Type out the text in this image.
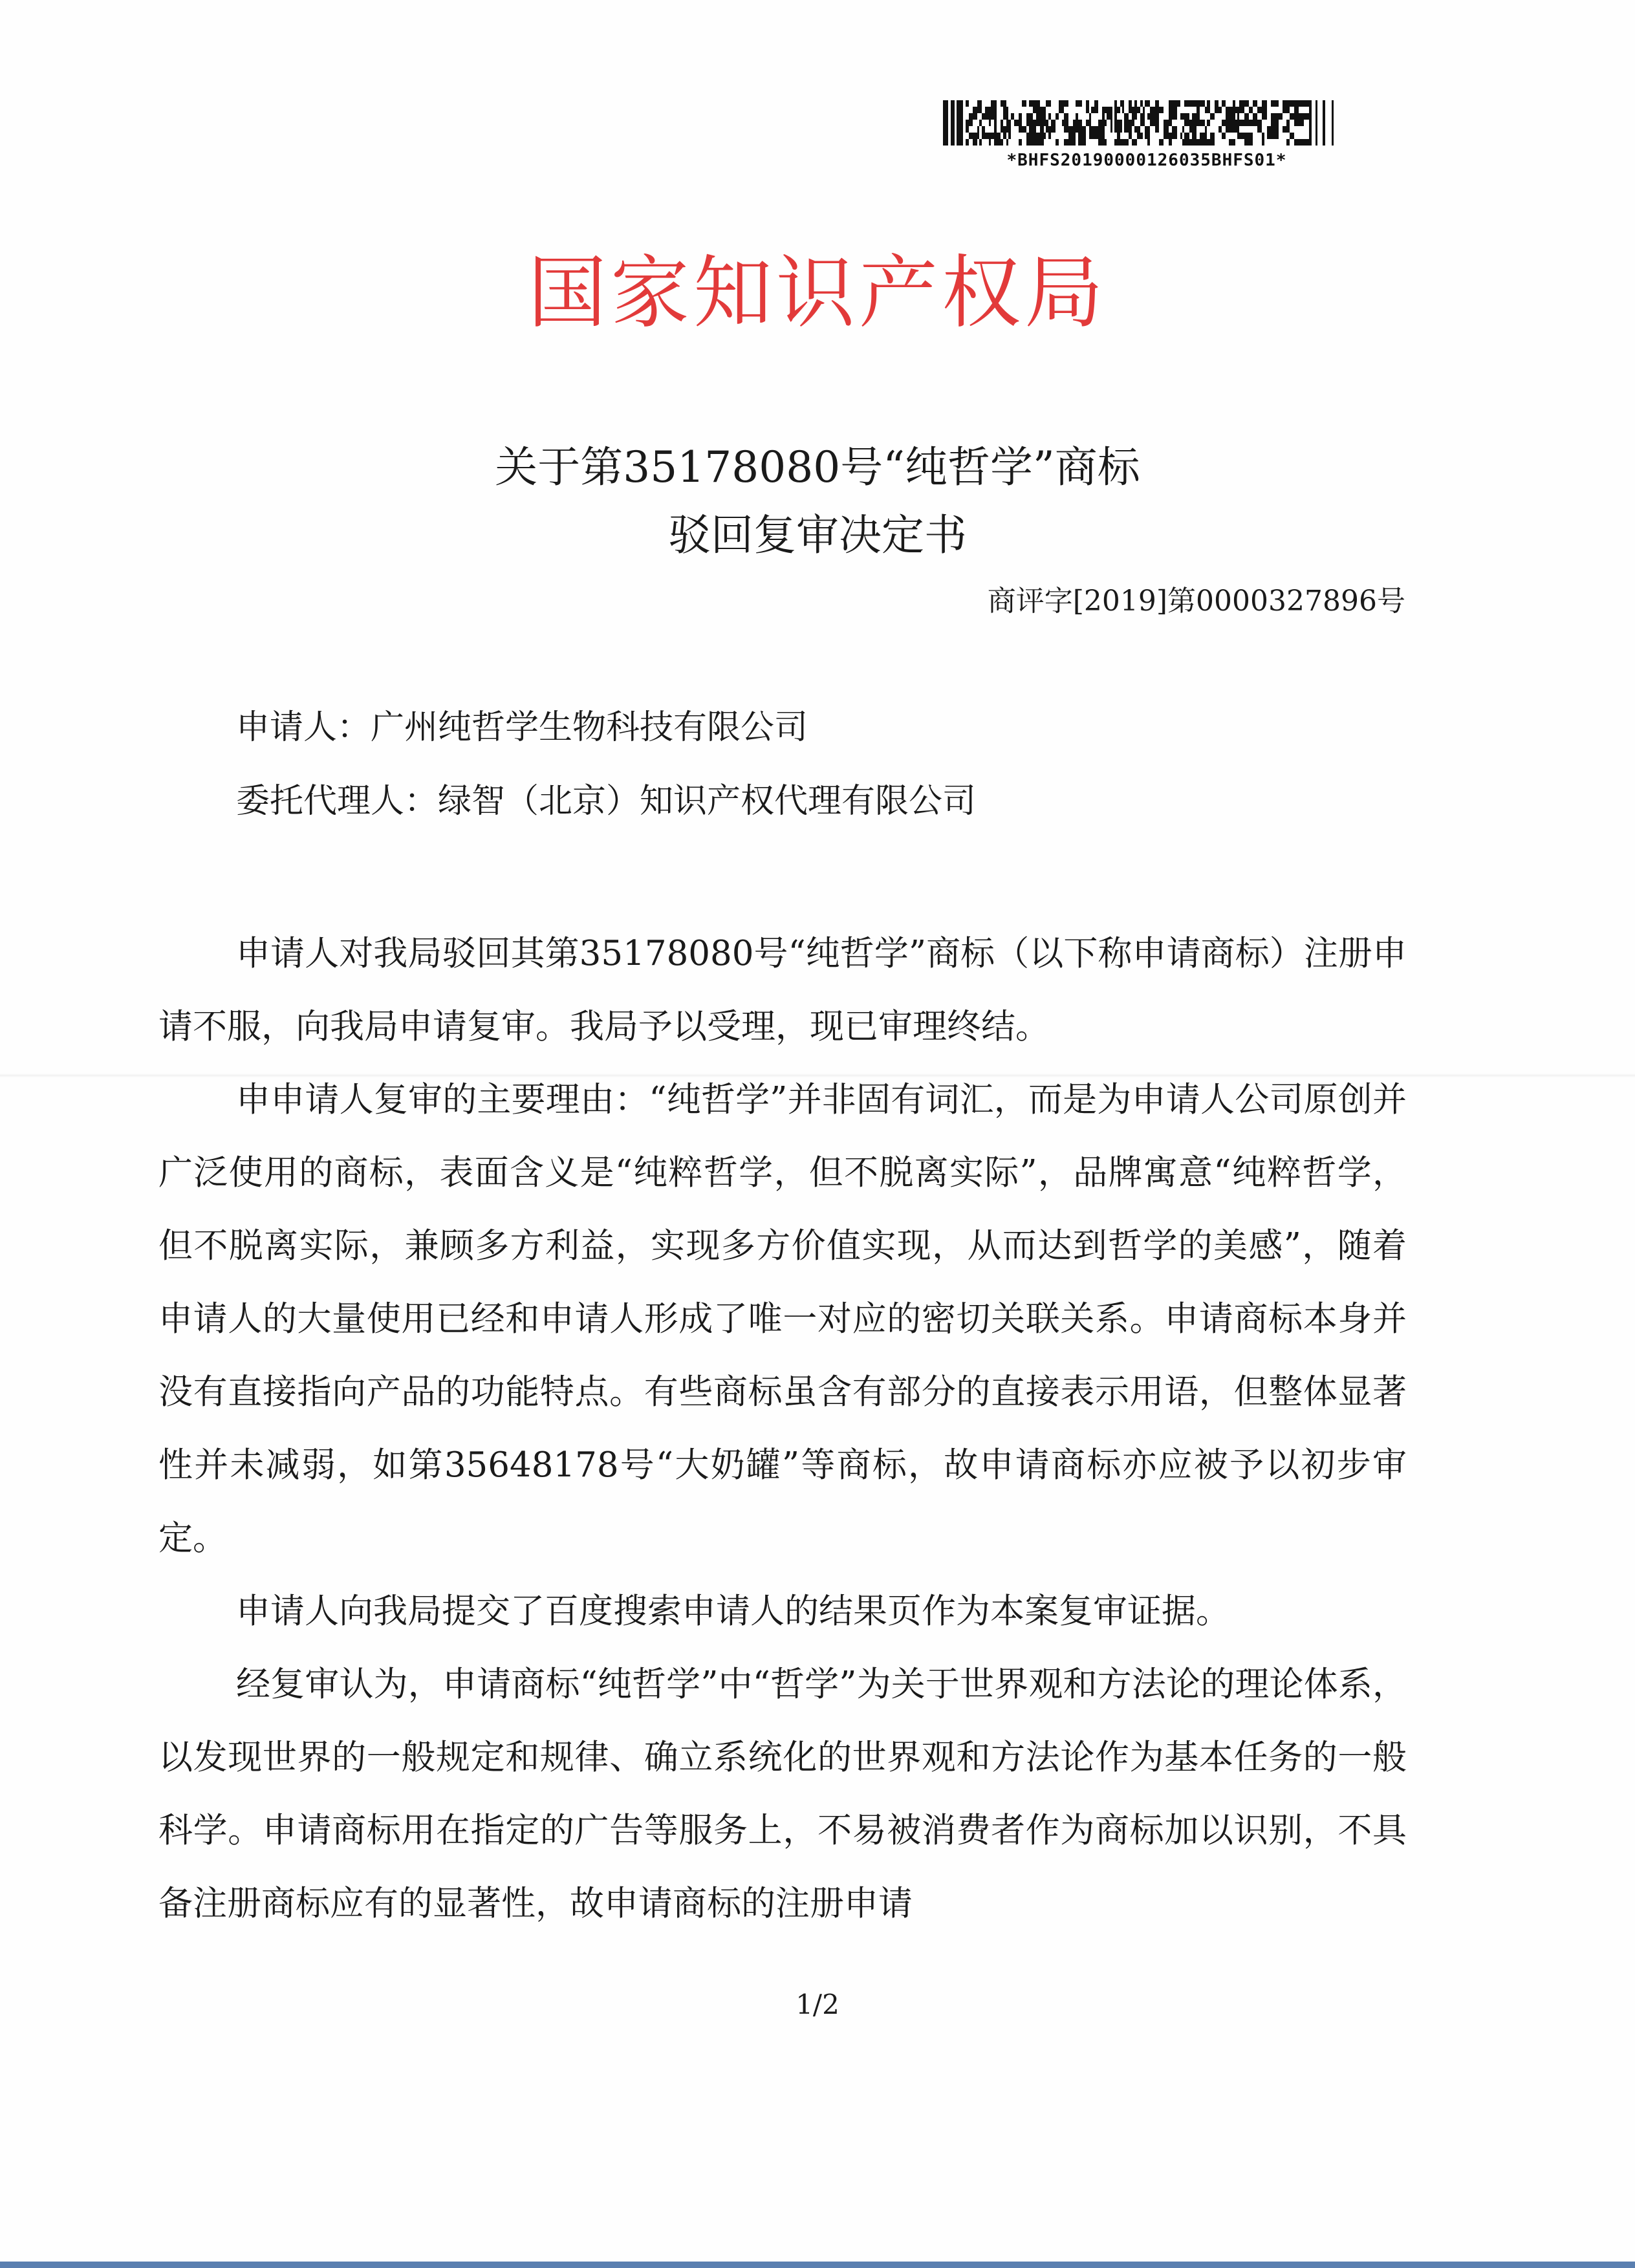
*BHFS20190000126035BHFS01*
国家知识产权局
关于第35178080号“纯哲学”商标
驳回复审决定书
商评字[2019]第0000327896号
申请人：广州纯哲学生物科技有限公司
委托代理人：绿智（北京）知识产权代理有限公司

申请人对我局驳回其第35178080号“纯哲学”商标（以下称申请商标）注册申请不服，向我局申请复审。我局予以受理，现已审理终结。

申申请人复审的主要理由：“纯哲学”并非固有词汇，而是为申请人公司原创并广泛使用的商标，表面含义是“纯粹哲学，但不脱离实际”，品牌寓意“纯粹哲学，但不脱离实际，兼顾多方利益，实现多方价值实现，从而达到哲学的美感”，随着申请人的大量使用已经和申请人形成了唯一对应的密切关联关系。申请商标本身并没有直接指向产品的功能特点。有些商标虽含有部分的直接表示用语，但整体显著性并未减弱，如第35648178号“大奶罐”等商标，故申请商标亦应被予以初步审定。

申请人向我局提交了百度搜索申请人的结果页作为本案复审证据。

经复审认为，申请商标“纯哲学”中“哲学”为关于世界观和方法论的理论体系，以发现世界的一般规定和规律、确立系统化的世界观和方法论作为基本任务的一般科学。申请商标用在指定的广告等服务上，不易被消费者作为商标加以识别，不具备注册商标应有的显著性，故申请商标的注册申请

1/2
